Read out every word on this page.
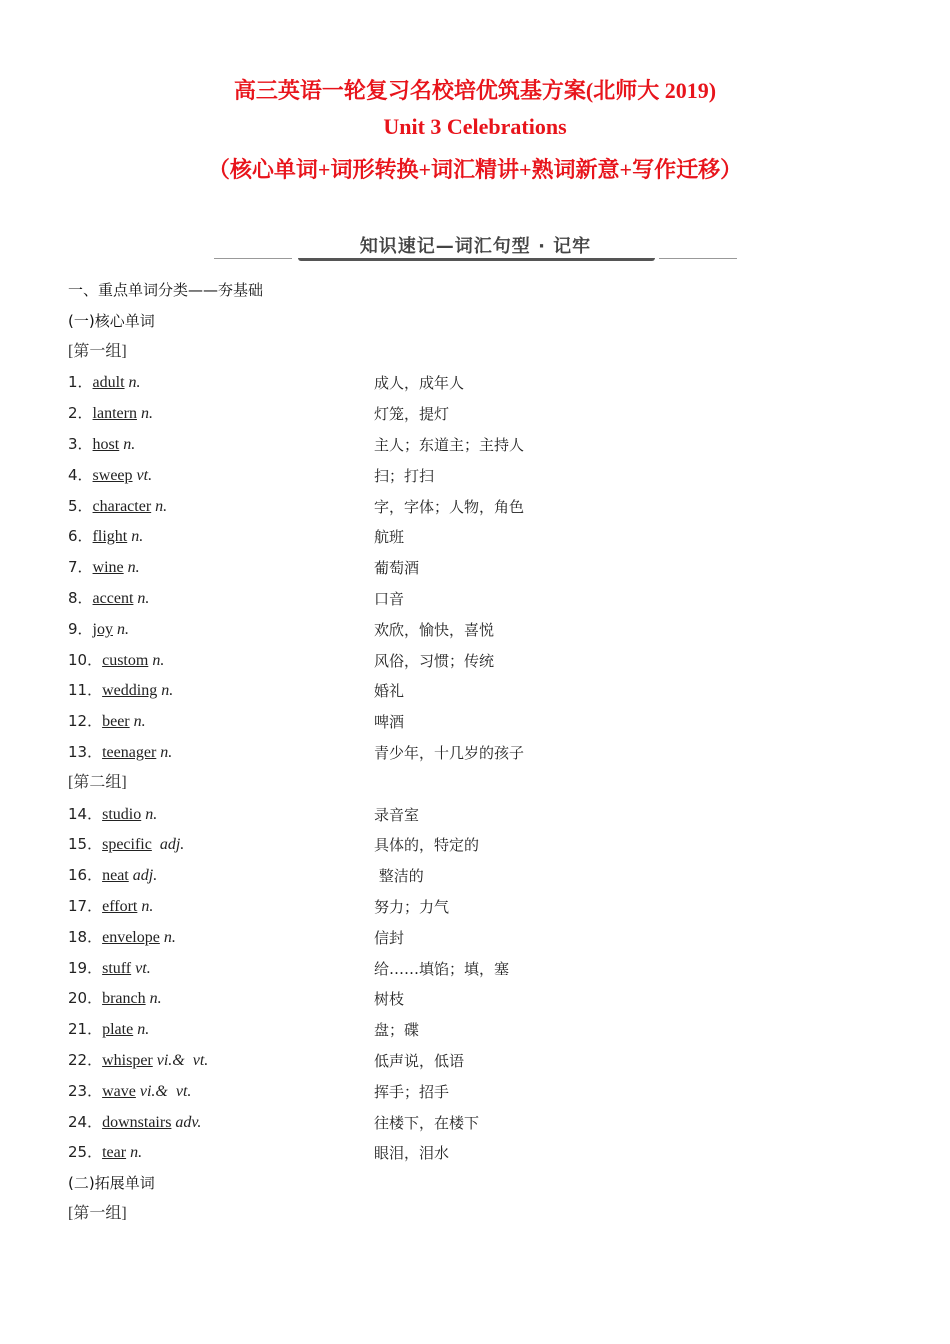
高三英语一轮复习名校培优筑基方案(北师大 2019)
Unit 3 Celebrations
（核心单词+词形转换+词汇精讲+熟词新意+写作迁移）
知识速记—词汇句型 · 记牢
一、重点单词分类——夯基础
(一)核心单词
[第一组]
1．adult n.	成人，成年人
2．lantern n.	灯笼，提灯
3．host n.	主人；东道主；主持人
4．sweep vt.	扫；打扫
5．character n.	字，字体；人物，角色
6．flight n.	航班
7．wine n.	葡萄酒
8．accent n.	口音
9．joy n.	欢欣，愉快，喜悦
10．custom n.	风俗，习惯；传统
11．wedding n.	婚礼
12．beer n.	啤酒
13．teenager n.	青少年，十几岁的孩子
[第二组]
14．studio n.	录音室
15．specific  adj.	具体的，特定的
16．neat adj.	整洁的
17．effort n.	努力；力气
18．envelope n.	信封
19．stuff vt.	给……填馅；填，塞
20．branch n.	树枝
21．plate n.	盘；碟
22．whisper vi.&  vt.	低声说，低语
23．wave vi.&  vt.	挥手；招手
24．downstairs adv.	往楼下，在楼下
25．tear n.	眼泪，泪水
(二)拓展单词
[第一组]
